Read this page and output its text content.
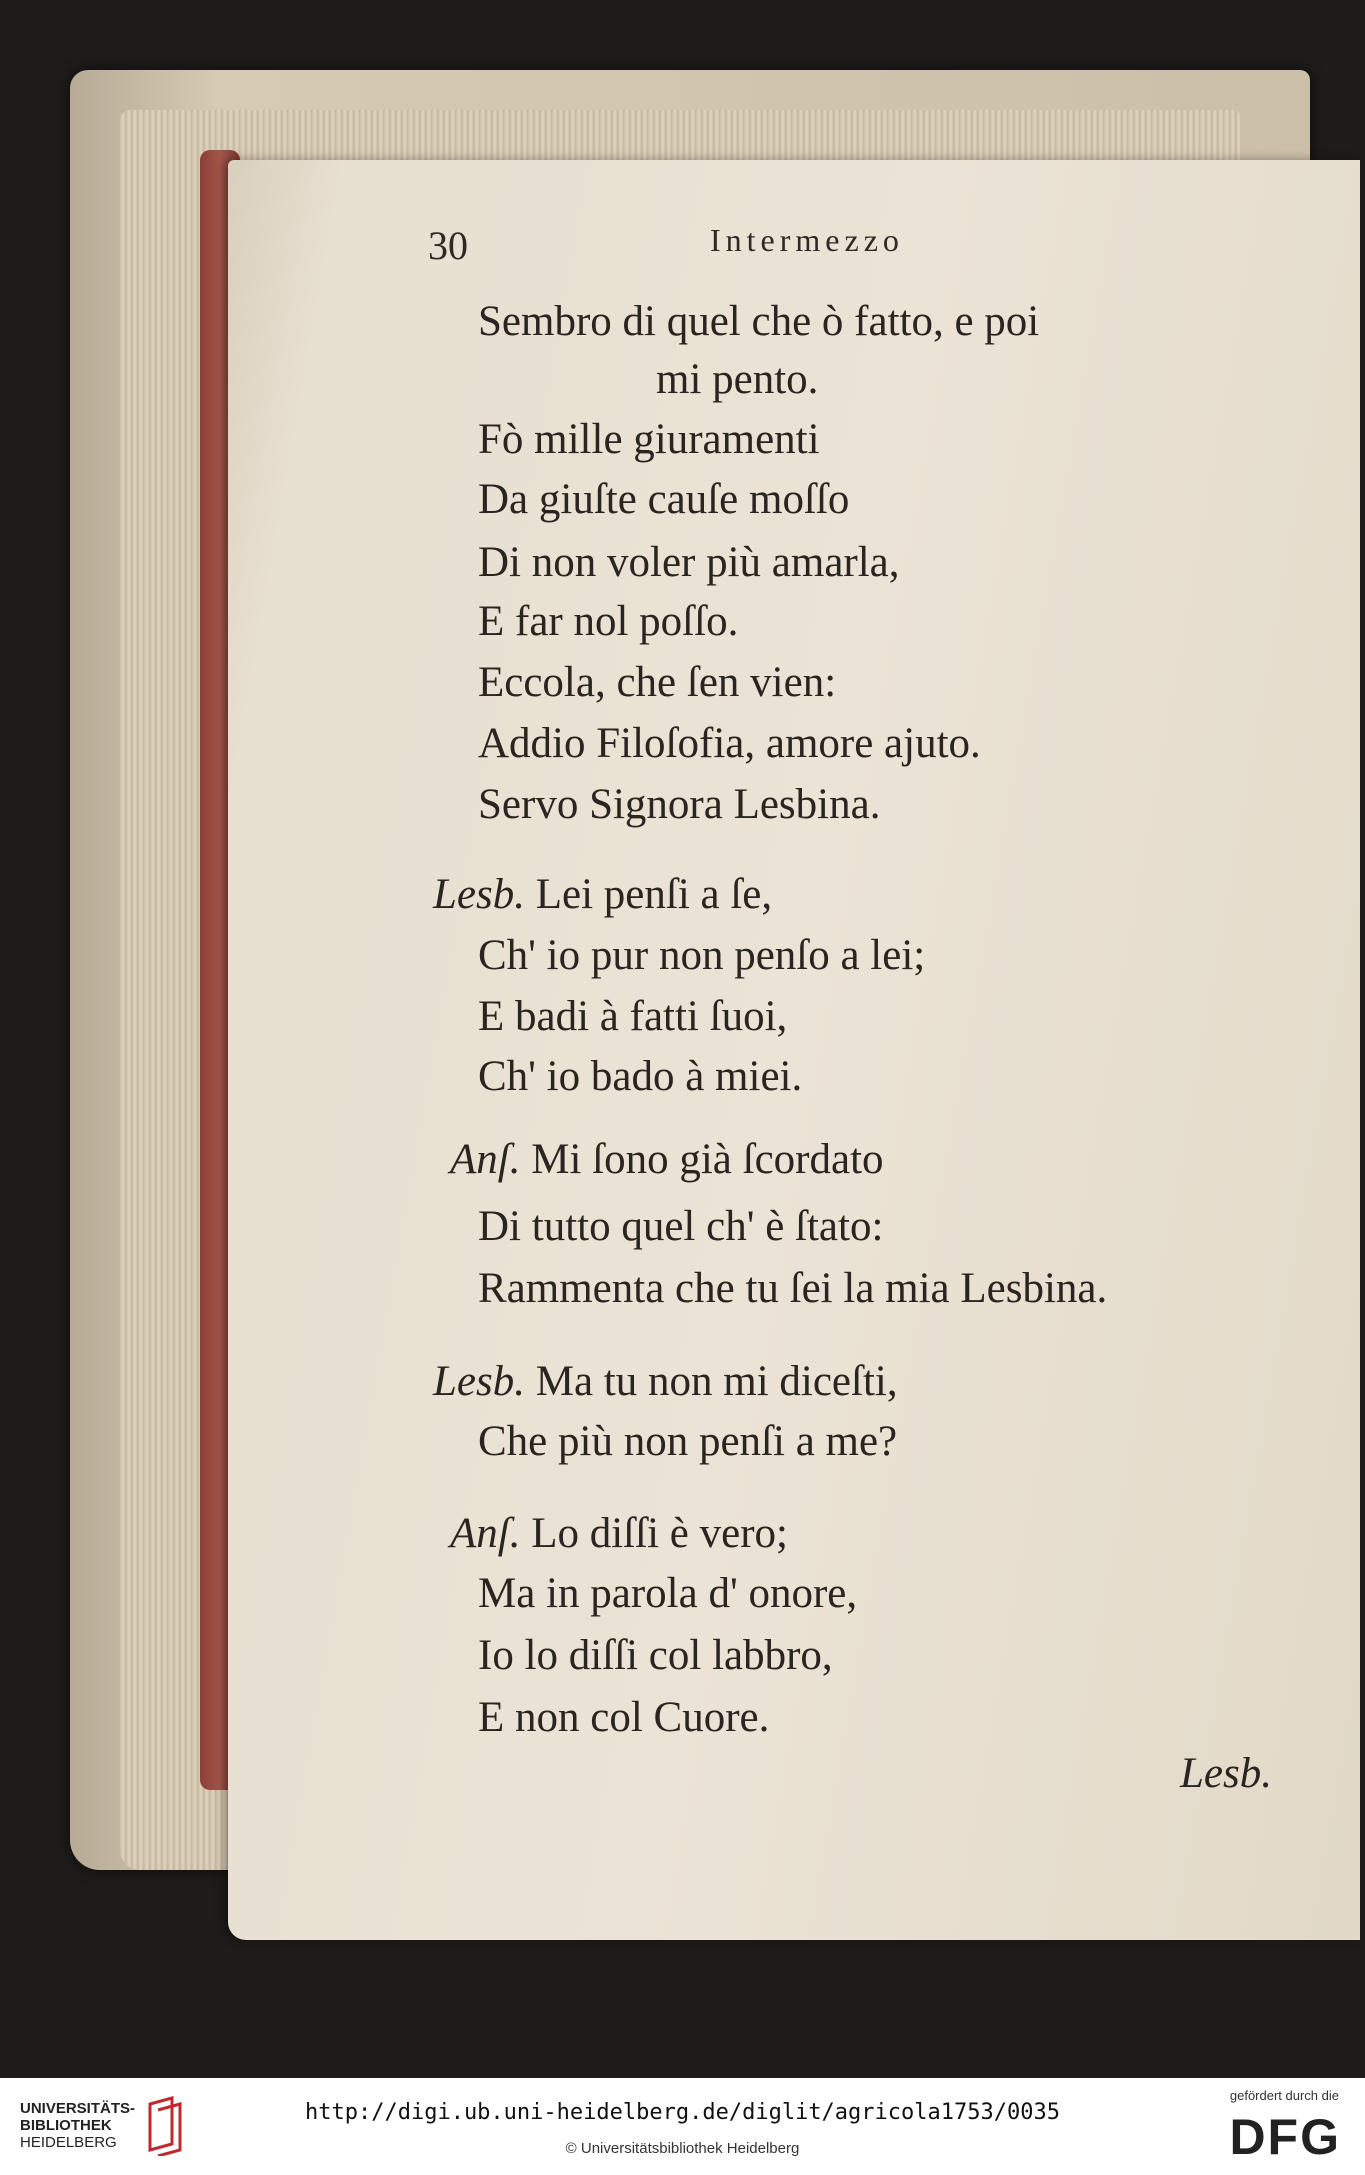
30	Intermezzo
Sembro di quel che ò fatto, e poi
mi pento.
Fò mille giuramenti
Da giuſte cauſe moſſo
Di non voler più amarla,
E far nol poſſo.
Eccola, che ſen vien:
Addio Filoſofia, amore ajuto.
Servo Signora Lesbina.
Lesb. Lei penſi a ſe,
Ch' io pur non penſo a lei;
E badi à fatti ſuoi,
Ch' io bado à miei.
Anſ. Mi ſono già ſcordato
Di tutto quel ch' è ſtato:
Rammenta che tu ſei la mia Lesbina.
Lesb. Ma tu non mi diceſti,
Che più non penſi a me?
Anſ. Lo diſſi è vero;
Ma in parola d' onore,
Io lo diſſi col labbro,
E non col Cuore.
Lesb.
UNIVERSITÄTS-
BIBLIOTHEK
HEIDELBERG
http://digi.ub.uni-heidelberg.de/diglit/agricola1753/0035
© Universitätsbibliothek Heidelberg
gefördert durch die
DFG
